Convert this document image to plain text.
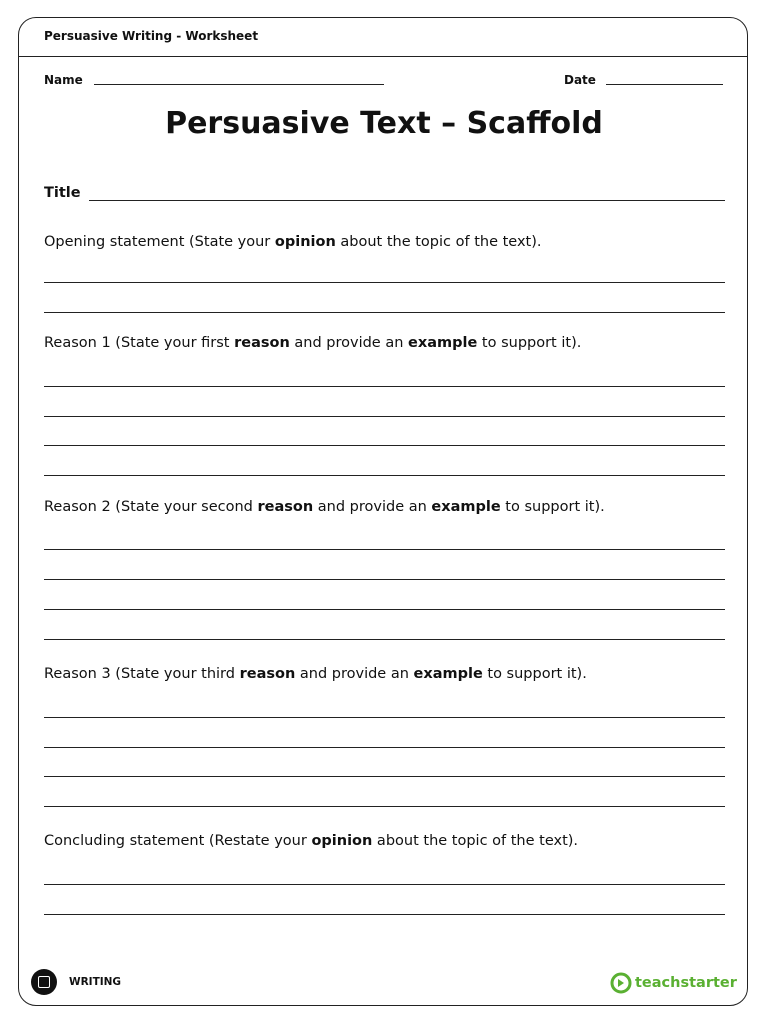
Persuasive Writing - Worksheet
Name	Date
Persuasive Text – Scaffold
Title
Opening statement (State your opinion about the topic of the text).
Reason 1 (State your first reason and provide an example to support it).
Reason 2 (State your second reason and provide an example to support it).
Reason 3 (State your third reason and provide an example to support it).
Concluding statement (Restate your opinion about the topic of the text).
WRITING	teachstarter
